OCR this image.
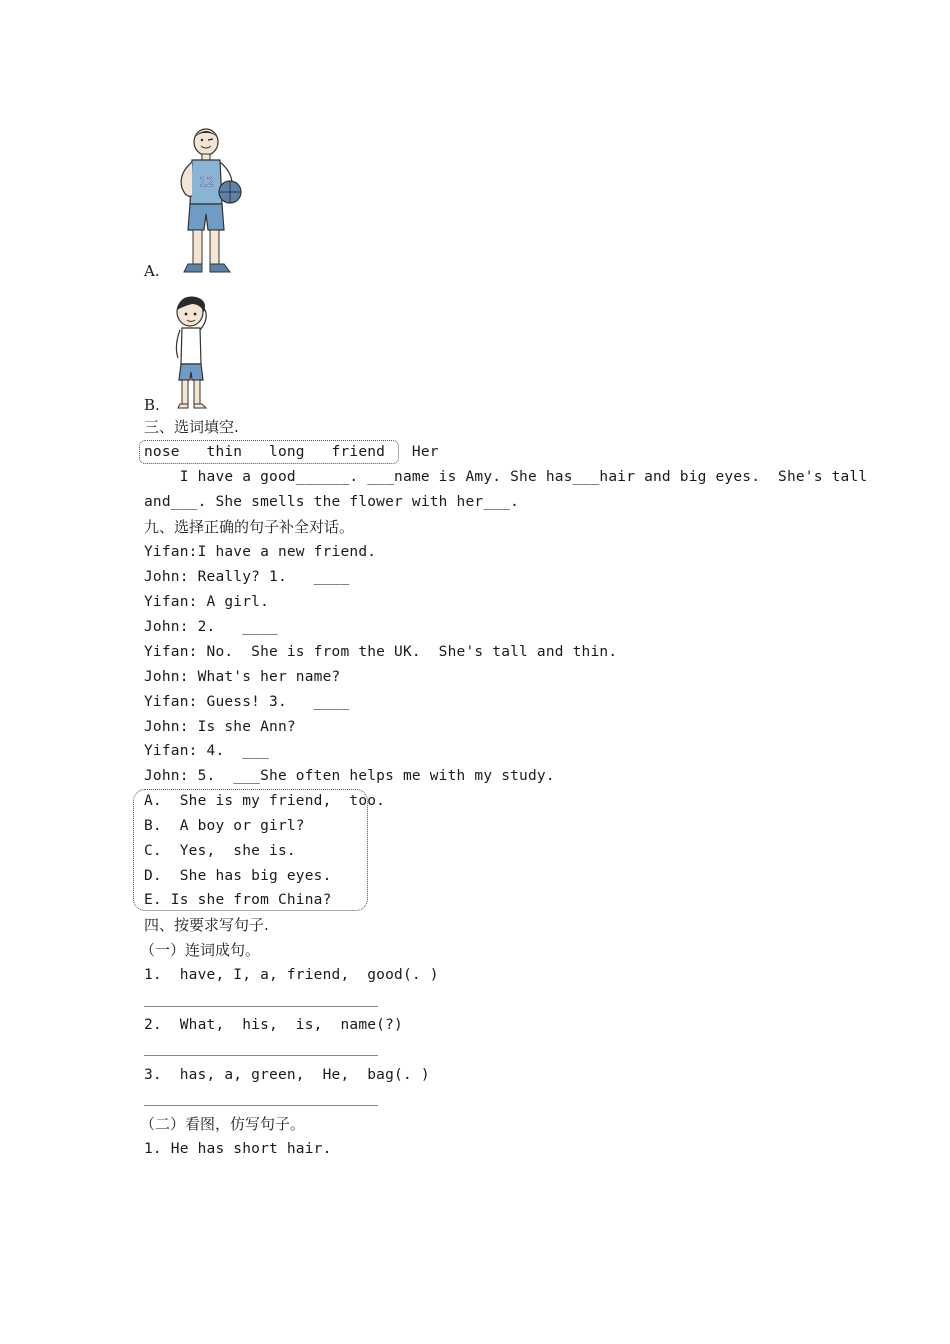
12
A.
B.
三、选词填空.
nose   thin   long   friend   Her
I have a good______. ___name is Amy. She has___hair and big eyes.  She's tall
and___. She smells the flower with her___.
九、选择正确的句子补全对话。
Yifan:I have a new friend.
John: Really? 1.   ____
Yifan: A girl.
John: 2.   ____
Yifan: No.  She is from the UK.  She's tall and thin.
John: What's her name?
Yifan: Guess! 3.   ____
John: Is she Ann?
Yifan: 4.  ___
John: 5.  ___She often helps me with my study.
A.  She is my friend,  too.
B.  A boy or girl?
C.  Yes,  she is.
D.  She has big eyes.
E. Is she from China?
四、按要求写句子.
（一）连词成句。
1.  have, I, a, friend,  good(. )
2.  What,  his,  is,  name(?)
3.  has, a, green,  He,  bag(. )
（二）看图，仿写句子。
1. He has short hair.
